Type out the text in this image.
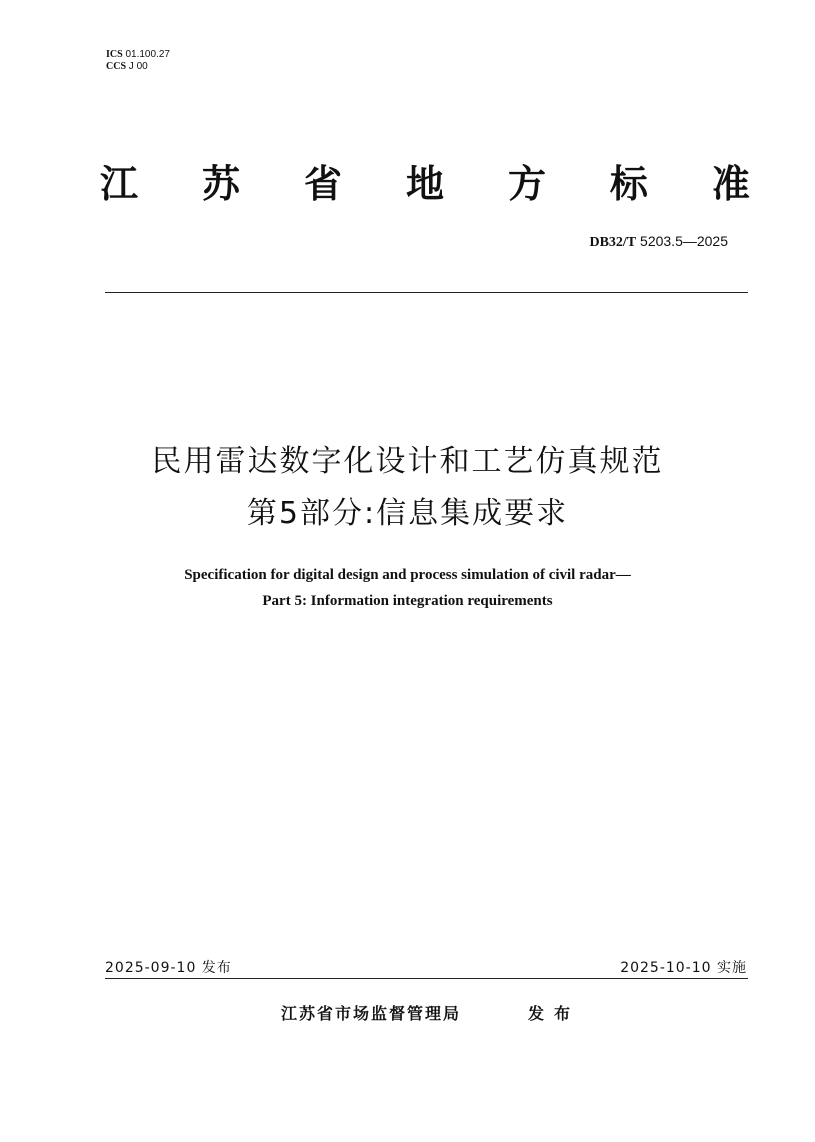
ICS 01.100.27
CCS J 00
江 苏 省 地 方 标 准
DB32/T 5203.5—2025
民用雷达数字化设计和工艺仿真规范
第5部分:信息集成要求
Specification for digital design and process simulation of civil radar—
Part 5: Information integration requirements
2025-09-10 发布	2025-10-10 实施
江苏省市场监督管理局	发布
